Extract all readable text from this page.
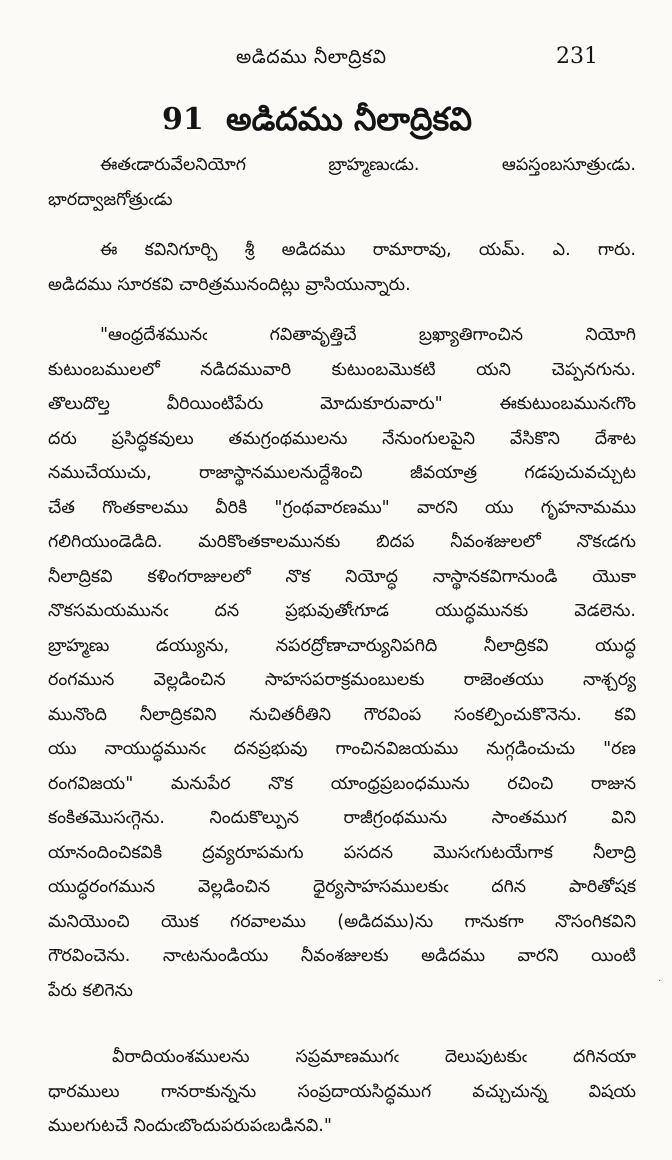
అడిదము నీలాద్రికవి	231
91 అడిదము నీలాద్రికవి

ఈతఁడారువేలనియోగ బ్రాహ్మణుఁడు. ఆపస్తంబసూత్రుఁడు.
భారద్వాజగోత్రుఁడు

ఈ కవినిగూర్చి శ్రీ అడిదము రామారావు, యమ్. ఎ. గారు.
అడిదము సూరకవి చారిత్రమునందిట్లు వ్రాసియున్నారు.

"ఆంధ్రదేశమునఁ గవితావృత్తిచే బ్రఖ్యాతిగాంచిన నియోగి
కుటుంబములలో నడిదమువారి కుటుంబమొకటి యని చెప్పనగును.
తొలుదొల్త వీరియింటిపేరు మోదుకూరువారు" ఈకుటుంబమునఁగొం
దరు ప్రసిద్ధకవులు తమగ్రంథములను నేనుంగులపైని వేసికొని దేశాట
నముచేయుచు, రాజాస్థానములనుద్దేశించి జీవయాత్ర గడపుచువచ్చుట
చేత గొంతకాలము వీరికి "గ్రంథవారణము" వారని యు గృహనామము
గలిగియుండెడిది. మరికొంతకాలమునకు బిదప నీవంశజులలో నొకఁడగు
నీలాద్రికవి కళింగరాజులలో నొక నియోద్ధ నాస్థానకవిగానుండి యొకా
నొకసమయమునఁ దన ప్రభువుతోఁగూడ యుద్ధమునకు వెడలెను.
బ్రాహ్మణు డయ్యును, నపరద్రోణాచార్యునిపగిది నీలాద్రికవి యుద్ధ
రంగమున వెల్లడించిన సాహసపరాక్రమంబులకు రాజెంతయు నాశ్చర్య
మునొంది నీలాద్రికవిని నుచితరీతిని గౌరవింప సంకల్పించుకొనెను. కవి
యు నాయుద్ధమునఁ దనప్రభువు గాంచినవిజయము నుగ్గడించుచు "రణ
రంగవిజయ" మనుపేర నొక యాంధ్రప్రబంధమును రచించి రాజున
కంకితమొసఁగ్గెను. నిందుకొల్పున రాజీగ్రంథమును సాంతముగ విని
యానందించికవికి ద్రవ్యరూపమగు పసదన మొసఁగుటయేగాక నీలాద్రి
యుద్ధరంగమున వెల్లడించిన ధైర్యసాహసములకుఁ దగిన పారితోషక
మనియొంచి యొక గరవాలము (అడిదము)ను గానుకగా నొసంగికవిని
గౌరవించెను. నాఁటనుండియు నీవంశజులకు అడిదము వారని యింటి
పేరు కలిగెను

వీరాదియంశములను సప్రమాణముగఁ దెలుపుటకుఁ దగినయా
ధారములు గానరాకున్నను సంప్రదాయసిద్ధముగ వచ్చుచున్న విషయ
ములగుటచే నిందుఁబొందుపరుపఁబడినవి."

·
